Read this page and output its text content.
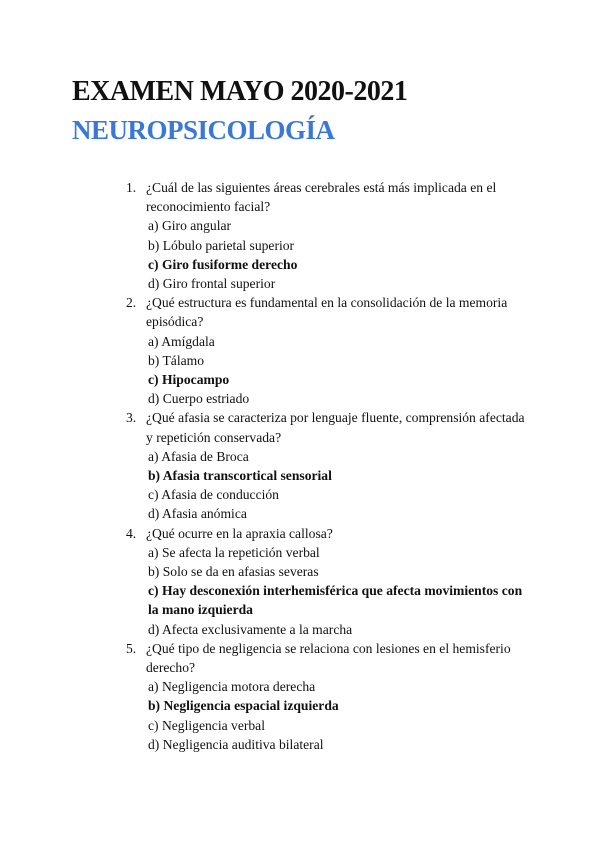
EXAMEN MAYO 2020-2021
NEUROPSICOLOGÍA
1. ¿Cuál de las siguientes áreas cerebrales está más implicada en el reconocimiento facial?
a) Giro angular
b) Lóbulo parietal superior
c) Giro fusiforme derecho
d) Giro frontal superior
2. ¿Qué estructura es fundamental en la consolidación de la memoria episódica?
a) Amígdala
b) Tálamo
c) Hipocampo
d) Cuerpo estriado
3. ¿Qué afasia se caracteriza por lenguaje fluente, comprensión afectada y repetición conservada?
a) Afasia de Broca
b) Afasia transcortical sensorial
c) Afasia de conducción
d) Afasia anómica
4. ¿Qué ocurre en la apraxia callosa?
a) Se afecta la repetición verbal
b) Solo se da en afasias severas
c) Hay desconexión interhemisférica que afecta movimientos con la mano izquierda
d) Afecta exclusivamente a la marcha
5. ¿Qué tipo de negligencia se relaciona con lesiones en el hemisferio derecho?
a) Negligencia motora derecha
b) Negligencia espacial izquierda
c) Negligencia verbal
d) Negligencia auditiva bilateral
